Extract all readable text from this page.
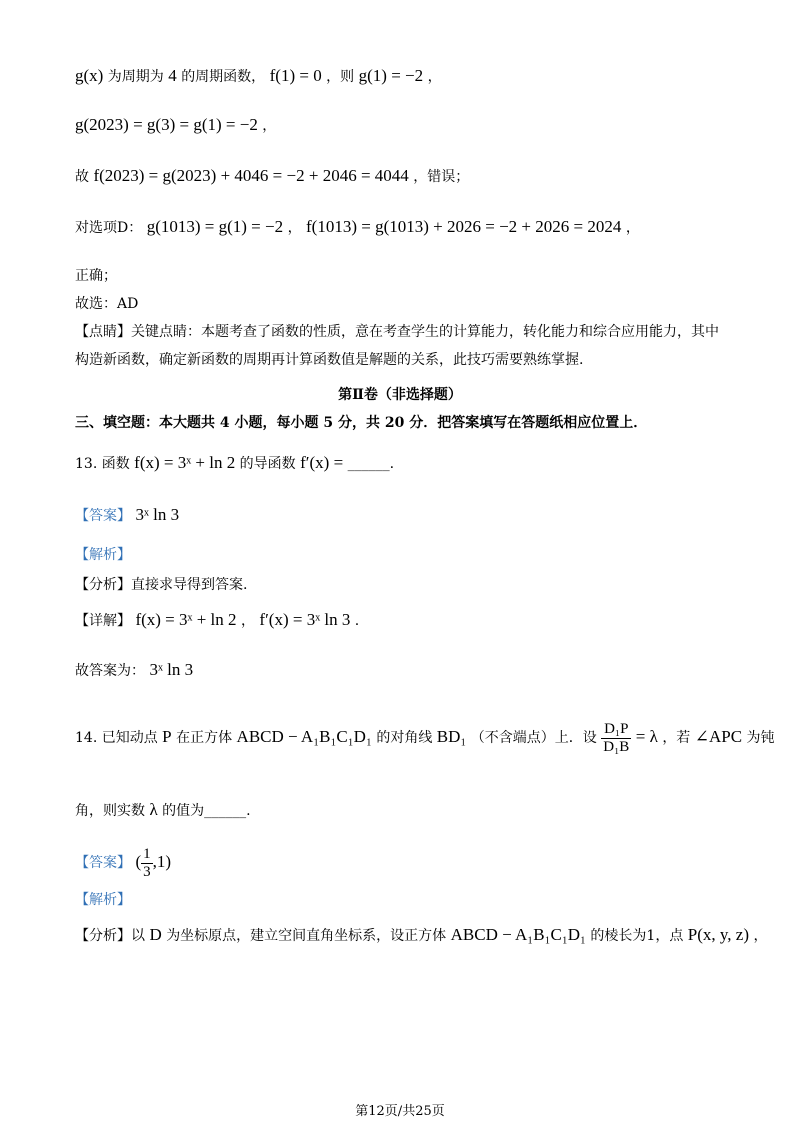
g(x) 为周期为 4 的周期函数， f(1) = 0 ，则 g(1) = −2 ，
g(2023) = g(3) = g(1) = −2 ，
故 f(2023) = g(2023) + 4046 = −2 + 2046 = 4044 ，错误；
对选项D： g(1013) = g(1) = −2 ， f(1013) = g(1013) + 2026 = −2 + 2026 = 2024 ，
正确；
故选：AD
【点睛】关键点睛：本题考查了函数的性质，意在考查学生的计算能力，转化能力和综合应用能力，其中
构造新函数，确定新函数的周期再计算函数值是解题的关系，此技巧需要熟练掌握.
第Ⅱ卷（非选择题）
三、填空题：本大题共 4 小题，每小题 5 分，共 20 分．把答案填写在答题纸相应位置上．
13. 函数 f(x) = 3ˣ + ln 2 的导函数 f′(x) = ______.
【答案】 3ˣ ln 3
【解析】
【分析】直接求导得到答案.
【详解】 f(x) = 3ˣ + ln 2 ， f′(x) = 3ˣ ln 3 .
故答案为： 3ˣ ln 3
14. 已知动点 P 在正方体 ABCD − A₁B₁C₁D₁ 的对角线 BD₁ （不含端点）上．设 $\frac{\text{D₁P}}{\text{D₁B}} = \lambda$ ，若 ∠APC 为钝
角，则实数 λ 的值为______.
【答案】 ( $\frac{1}{3} ,1$)
【解析】
【分析】以 D 为坐标原点，建立空间直角坐标系，设正方体 ABCD − A₁B₁C₁D₁ 的棱长为1，点 P(x, y, z) ，
第12页/共25页
